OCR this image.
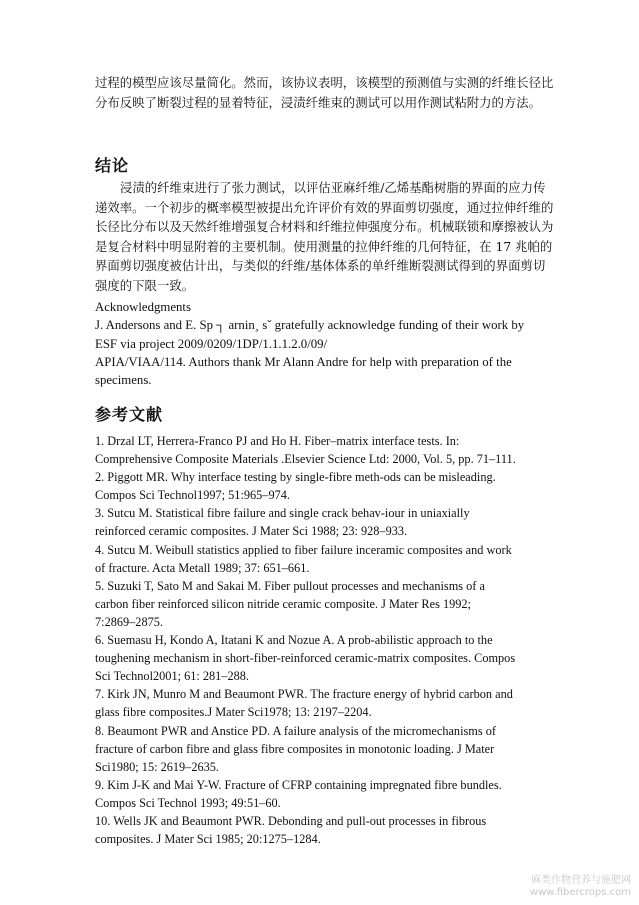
过程的模型应该尽量简化。然而，该协议表明，该模型的预测值与实测的纤维长径比分布反映了断裂过程的显着特征，浸渍纤维束的测试可以用作测试粘附力的方法。

结论

浸渍的纤维束进行了张力测试，以评估亚麻纤维/乙烯基酯树脂的界面的应力传递效率。一个初步的概率模型被提出允许评价有效的界面剪切强度，通过拉伸纤维的长径比分布以及天然纤维增强复合材料和纤维拉伸强度分布。机械联锁和摩擦被认为是复合材料中明显附着的主要机制。使用测量的拉伸纤维的几何特征，在 17 兆帕的界面剪切强度被估计出，与类似的纤维/基体体系的单纤维断裂测试得到的界面剪切强度的下限一致。

Acknowledgments
J. Andersons and E. Sp ┐ arnin¸ sˇ gratefully acknowledge funding of their work by
ESF via project 2009/0209/1DP/1.1.1.2.0/09/
APIA/VIAA/114. Authors thank Mr Alann Andre for help with preparation of the
specimens.
参考文献
1. Drzal LT, Herrera-Franco PJ and Ho H. Fiber–matrix interface tests. In:
Comprehensive Composite Materials .Elsevier Science Ltd: 2000, Vol. 5, pp. 71–111.
2. Piggott MR. Why interface testing by single-fibre meth-ods can be misleading.
Compos Sci Technol1997; 51:965–974.
3. Sutcu M. Statistical fibre failure and single crack behav-iour in uniaxially
reinforced ceramic composites. J Mater Sci 1988; 23: 928–933.
4. Sutcu M. Weibull statistics applied to fiber failure inceramic composites and work
of fracture. Acta Metall 1989; 37: 651–661.
5. Suzuki T, Sato M and Sakai M. Fiber pullout processes and mechanisms of a
carbon fiber reinforced silicon nitride ceramic composite. J Mater Res 1992;
7:2869–2875.
6. Suemasu H, Kondo A, Itatani K and Nozue A. A prob-abilistic approach to the
toughening mechanism in short-fiber-reinforced ceramic-matrix composites. Compos
Sci Technol2001; 61: 281–288.
7. Kirk JN, Munro M and Beaumont PWR. The fracture energy of hybrid carbon and
glass fibre composites.J Mater Sci1978; 13: 2197–2204.
8. Beaumont PWR and Anstice PD. A failure analysis of the micromechanisms of
fracture of carbon fibre and glass fibre composites in monotonic loading. J Mater
Sci1980; 15: 2619–2635.
9. Kim J-K and Mai Y-W. Fracture of CFRP containing impregnated fibre bundles.
Compos Sci Technol 1993; 49:51–60.
10. Wells JK and Beaumont PWR. Debonding and pull-out processes in fibrous
composites. J Mater Sci 1985; 20:1275–1284.
麻类作物营养与施肥网
www.fibercrops.com
